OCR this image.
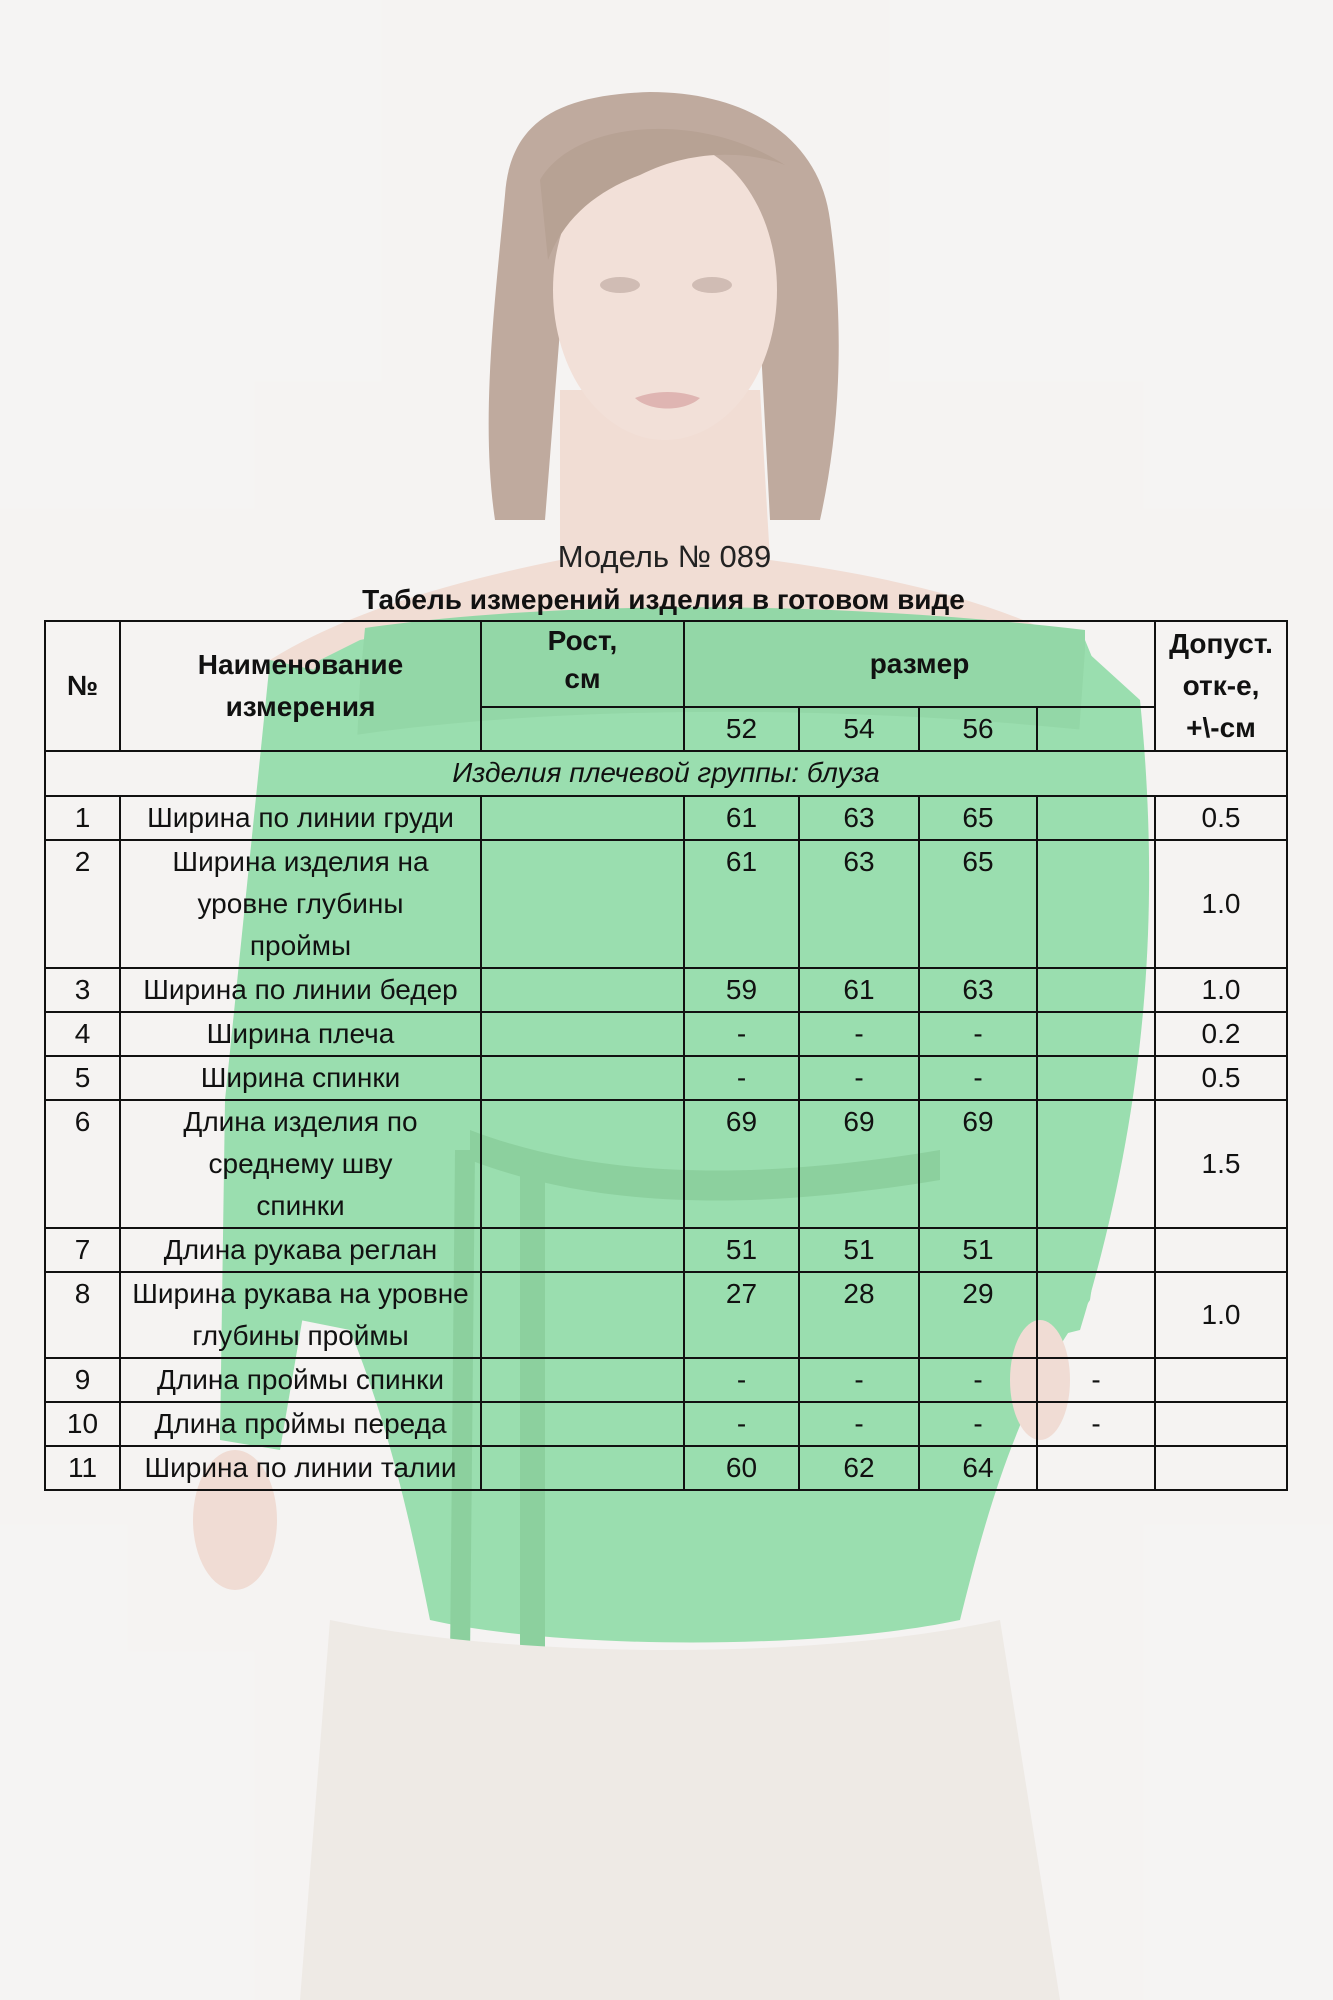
Модель № 089
Табель измерений изделия в готовом виде
№	Наименование измерения	Рост, см	размер				Допуст. отк-е, +\-см
			52	54	56		
Изделия плечевой группы: блуза							
1	Ширина по линии груди		61	63	65		0.5
2	Ширина изделия на уровне глубины проймы		61	63	65		1.0
3	Ширина по линии бедер		59	61	63		1.0
4	Ширина плеча		-	-	-		0.2
5	Ширина спинки		-	-	-		0.5
6	Длина изделия по среднему шву спинки		69	69	69		1.5
7	Длина рукава реглан		51	51	51		
8	Ширина рукава на уровне глубины проймы		27	28	29		1.0
9	Длина проймы спинки		-	-	-	-	
10	Длина проймы переда		-	-	-	-	
11	Ширина по линии талии		60	62	64		
